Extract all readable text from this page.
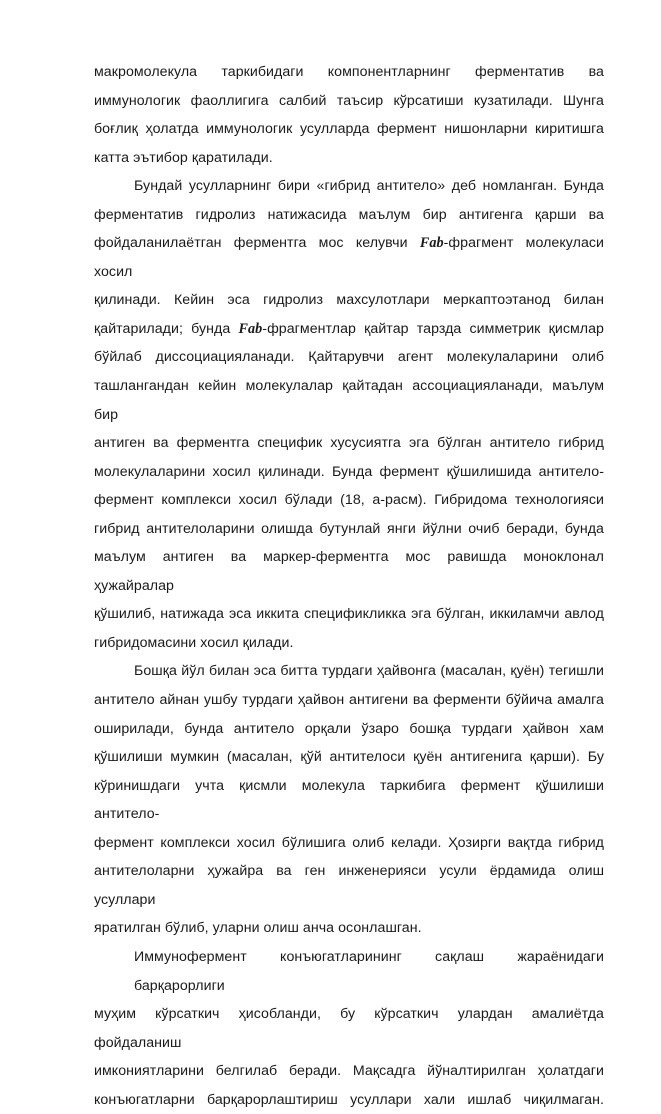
макромолекула таркибидаги компонентларнинг ферментатив ва
иммунологик фаоллигига салбий таъсир кўрсатиши кузатилади. Шунга
боғлиқ ҳолатда иммунологик усулларда фермент нишонларни киритишга
катта эътибор қаратилади.
Бундай усулларнинг бири «гибрид антитело» деб номланган. Бунда
ферментатив гидролиз натижасида маълум бир антигенга қарши ва
фойдаланилаётган ферментга мос келувчи Fab-фрагмент молекуласи хосил
қилинади. Кейин эса гидролиз махсулотлари меркаптоэтанод билан
қайтарилади; бунда Fab-фрагментлар қайтар тарзда симметрик қисмлар
бўйлаб диссоциацияланади. Қайтарувчи агент молекулаларини олиб
ташлангандан кейин молекулалар қайтадан ассоциацияланади, маълум бир
антиген ва ферментга специфик хусусиятга эга бўлган антитело гибрид
молекулаларини хосил қилинади. Бунда фермент қўшилишида антитело-
фермент комплекси хосил бўлади (18, а-расм). Гибридома технологияси
гибрид антителоларини олишда бутунлай янги йўлни очиб беради, бунда
маълум антиген ва маркер-ферментга мос равишда моноклонал ҳужайралар
қўшилиб, натижада эса иккита спецификликка эга бўлган, иккиламчи авлод
гибридомасини хосил қилади.
Бошқа йўл билан эса битта турдаги ҳайвонга (масалан, қуён) тегишли
антитело айнан ушбу турдаги ҳайвон антигени ва ферменти бўйича амалга
оширилади, бунда антитело орқали ўзаро бошқа турдаги ҳайвон хам
қўшилиши мумкин (масалан, қўй антителоси қуён антигенига қарши). Бу
кўринишдаги учта қисмли молекула таркибига фермент қўшилиши антитело-
фермент комплекси хосил бўлишига олиб келади. Ҳозирги вақтда гибрид
антителоларни ҳужайра ва ген инженерияси усули ёрдамида олиш усуллари
яратилган бўлиб, уларни олиш анча осонлашган.
Иммунофермент конъюгатларининг сақлаш жараёнидаги барқарорлиги
муҳим кўрсаткич ҳисобланди, бу кўрсаткич улардан амалиётда фойдаланиш
имкониятларини белгилаб беради. Мақсадга йўналтирилган ҳолатдаги
конъюгатларни барқарорлаштириш усуллари хали ишлаб чиқилмаган.
